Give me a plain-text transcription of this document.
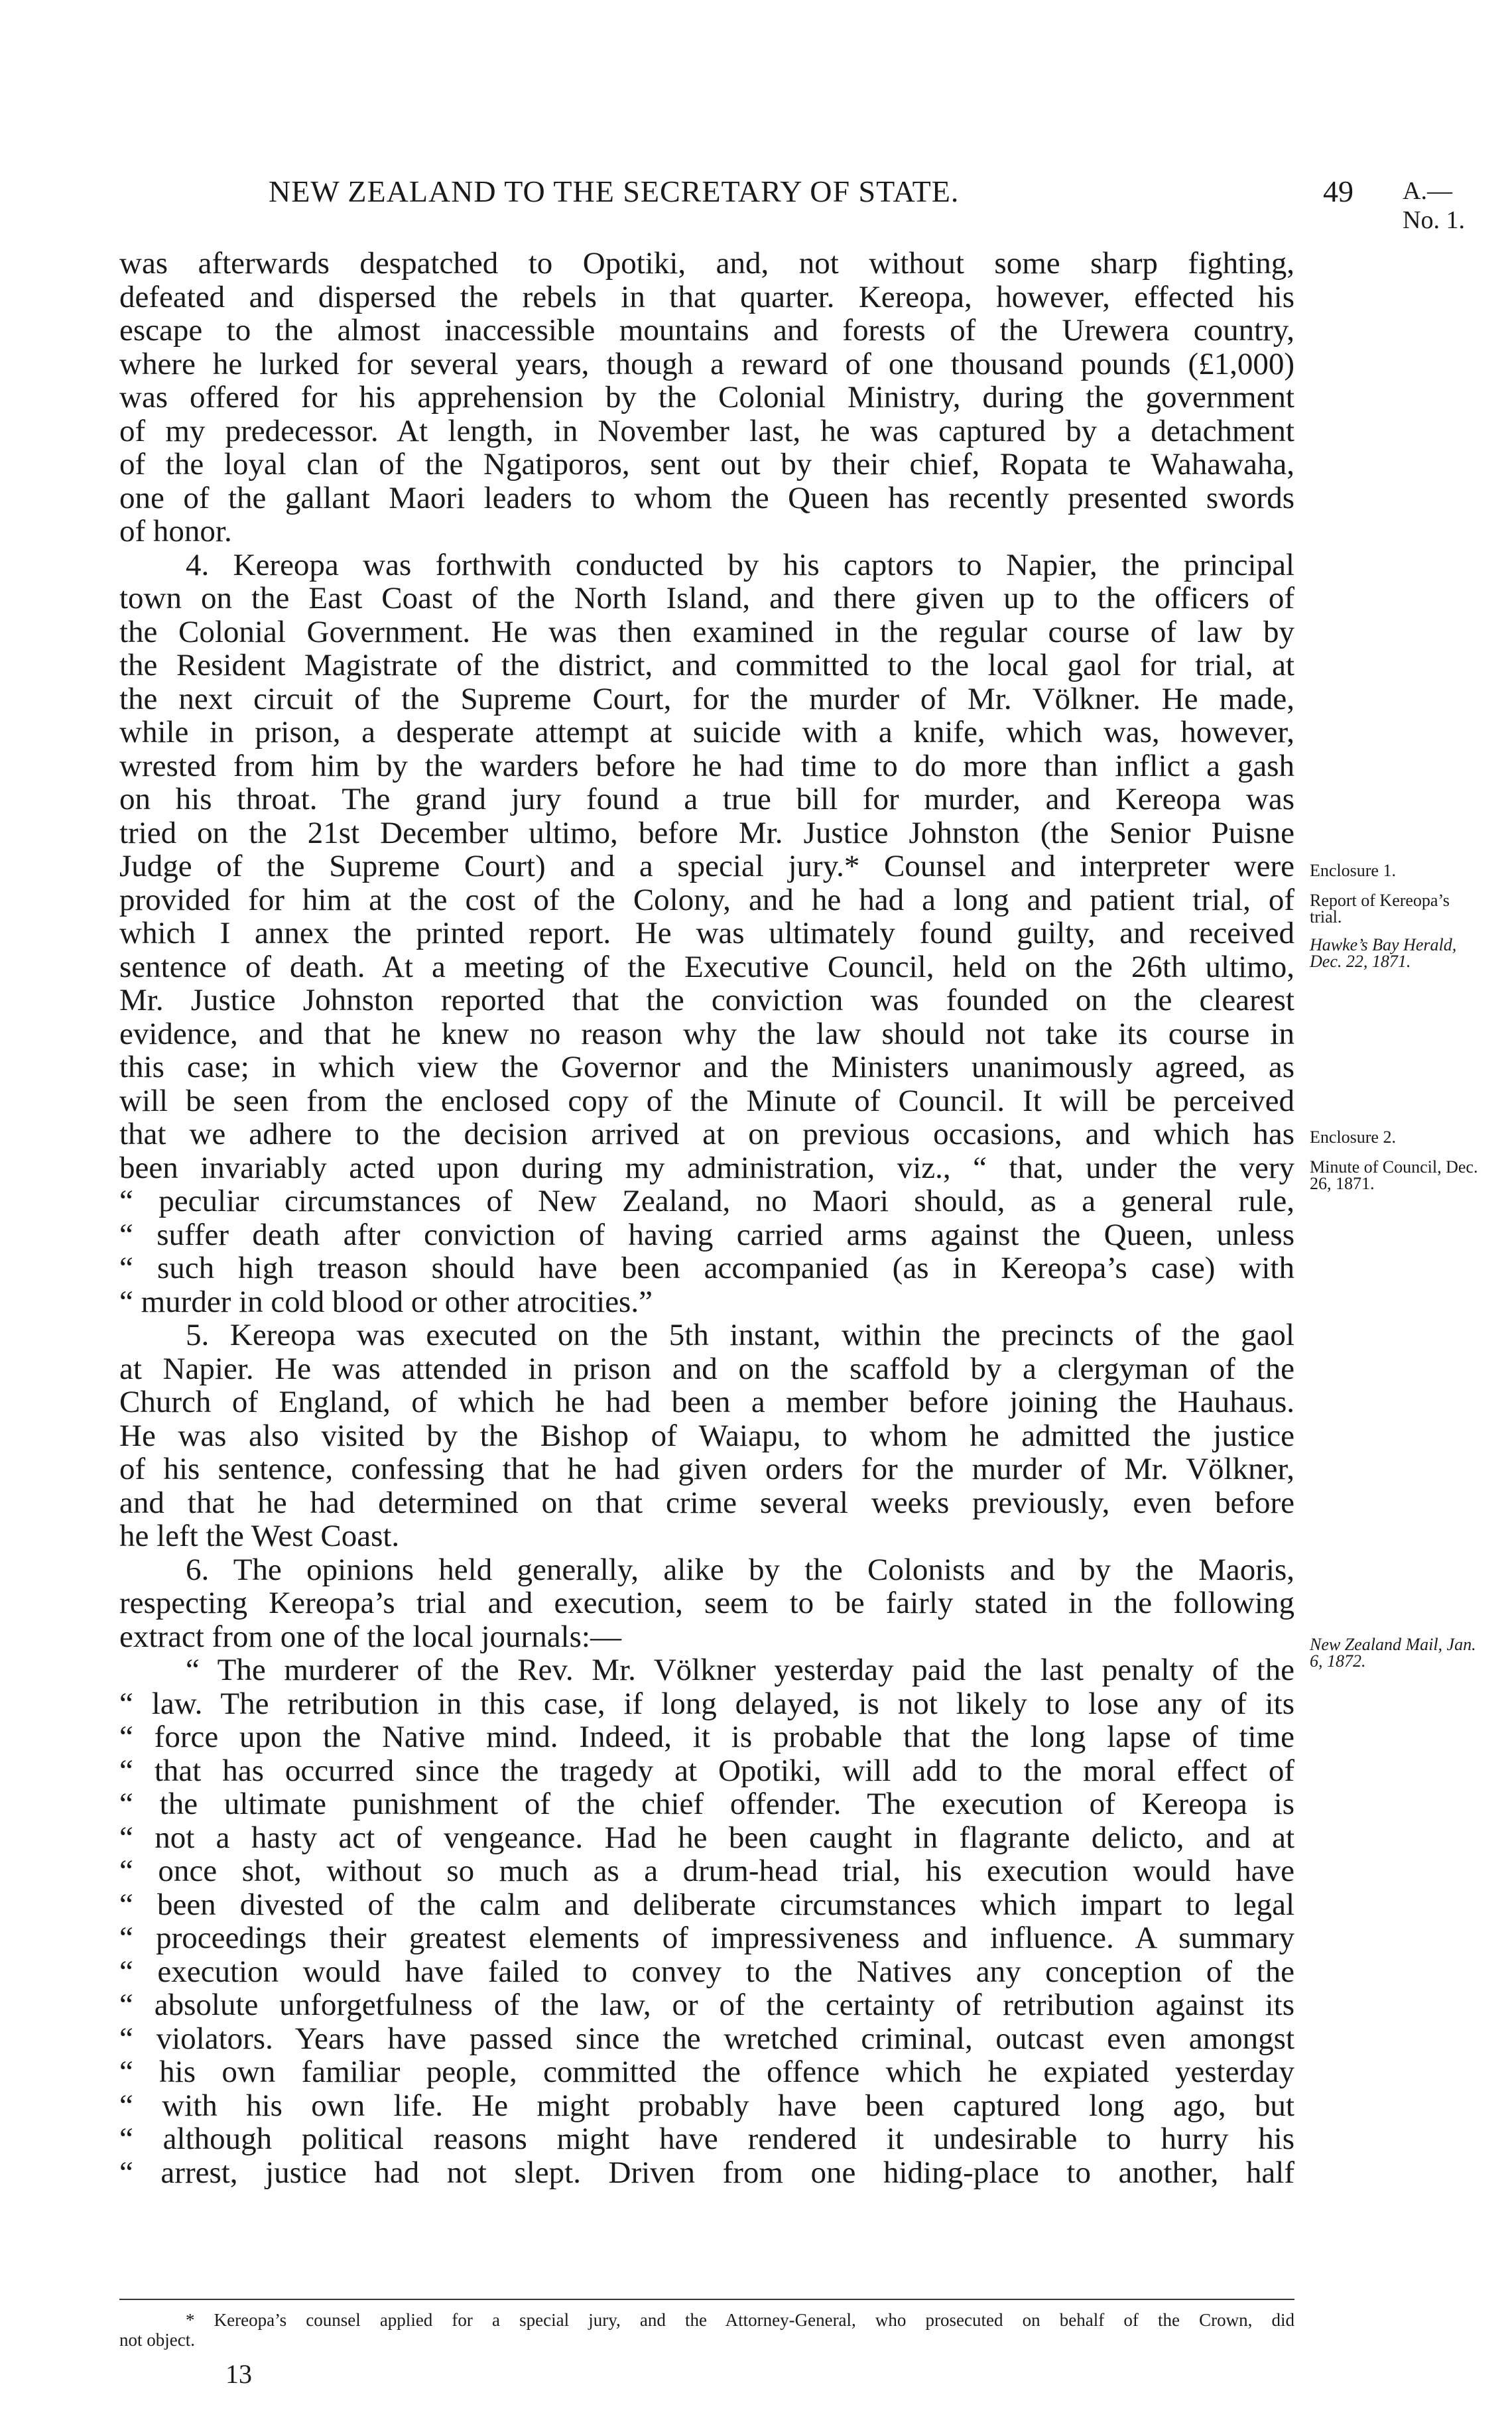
NEW ZEALAND TO THE SECRETARY OF STATE.	49 A.—No. 1.
was afterwards despatched to Opotiki, and, not without some sharp fighting,
defeated and dispersed the rebels in that quarter. Kereopa, however, effected his
escape to the almost inaccessible mountains and forests of the Urewera country,
where he lurked for several years, though a reward of one thousand pounds (£1,000)
was offered for his apprehension by the Colonial Ministry, during the government
of my predecessor. At length, in November last, he was captured by a detachment
of the loyal clan of the Ngatiporos, sent out by their chief, Ropata te Wahawaha,
one of the gallant Maori leaders to whom the Queen has recently presented swords
of honor.
4. Kereopa was forthwith conducted by his captors to Napier, the principal
town on the East Coast of the North Island, and there given up to the officers of
the Colonial Government. He was then examined in the regular course of law by
the Resident Magistrate of the district, and committed to the local gaol for trial, at
the next circuit of the Supreme Court, for the murder of Mr. Völkner. He made,
while in prison, a desperate attempt at suicide with a knife, which was, however,
wrested from him by the warders before he had time to do more than inflict a gash
on his throat. The grand jury found a true bill for murder, and Kereopa was
tried on the 21st December ultimo, before Mr. Justice Johnston (the Senior Puisne
Judge of the Supreme Court) and a special jury.* Counsel and interpreter were
provided for him at the cost of the Colony, and he had a long and patient trial, of
which I annex the printed report. He was ultimately found guilty, and received
sentence of death. At a meeting of the Executive Council, held on the 26th ultimo,
Mr. Justice Johnston reported that the conviction was founded on the clearest
evidence, and that he knew no reason why the law should not take its course in
this case; in which view the Governor and the Ministers unanimously agreed, as
will be seen from the enclosed copy of the Minute of Council. It will be perceived
that we adhere to the decision arrived at on previous occasions, and which has
been invariably acted upon during my administration, viz., “ that, under the very
“ peculiar circumstances of New Zealand, no Maori should, as a general rule,
“ suffer death after conviction of having carried arms against the Queen, unless
“ such high treason should have been accompanied (as in Kereopa’s case) with
“ murder in cold blood or other atrocities.”
5. Kereopa was executed on the 5th instant, within the precincts of the gaol
at Napier. He was attended in prison and on the scaffold by a clergyman of the
Church of England, of which he had been a member before joining the Hauhaus.
He was also visited by the Bishop of Waiapu, to whom he admitted the justice
of his sentence, confessing that he had given orders for the murder of Mr. Völkner,
and that he had determined on that crime several weeks previously, even before
he left the West Coast.
6. The opinions held generally, alike by the Colonists and by the Maoris,
respecting Kereopa’s trial and execution, seem to be fairly stated in the following
extract from one of the local journals:—
“ The murderer of the Rev. Mr. Völkner yesterday paid the last penalty of the
“ law. The retribution in this case, if long delayed, is not likely to lose any of its
“ force upon the Native mind. Indeed, it is probable that the long lapse of time
“ that has occurred since the tragedy at Opotiki, will add to the moral effect of
“ the ultimate punishment of the chief offender. The execution of Kereopa is
“ not a hasty act of vengeance. Had he been caught in flagrante delicto, and at
“ once shot, without so much as a drum-head trial, his execution would have
“ been divested of the calm and deliberate circumstances which impart to legal
“ proceedings their greatest elements of impressiveness and influence. A summary
“ execution would have failed to convey to the Natives any conception of the
“ absolute unforgetfulness of the law, or of the certainty of retribution against its
“ violators. Years have passed since the wretched criminal, outcast even amongst
“ his own familiar people, committed the offence which he expiated yesterday
“ with his own life. He might probably have been captured long ago, but
“ although political reasons might have rendered it undesirable to hurry his
“ arrest, justice had not slept. Driven from one hiding-place to another, half
Enclosure 1.
Report of Kereopa’s trial.
Hawke’s Bay Herald, Dec. 22, 1871.
Enclosure 2.
Minute of Council, Dec. 26, 1871.
New Zealand Mail, Jan. 6, 1872.
* Kereopa’s counsel applied for a special jury, and the Attorney-General, who prosecuted on behalf of the Crown, did
not object.
13
